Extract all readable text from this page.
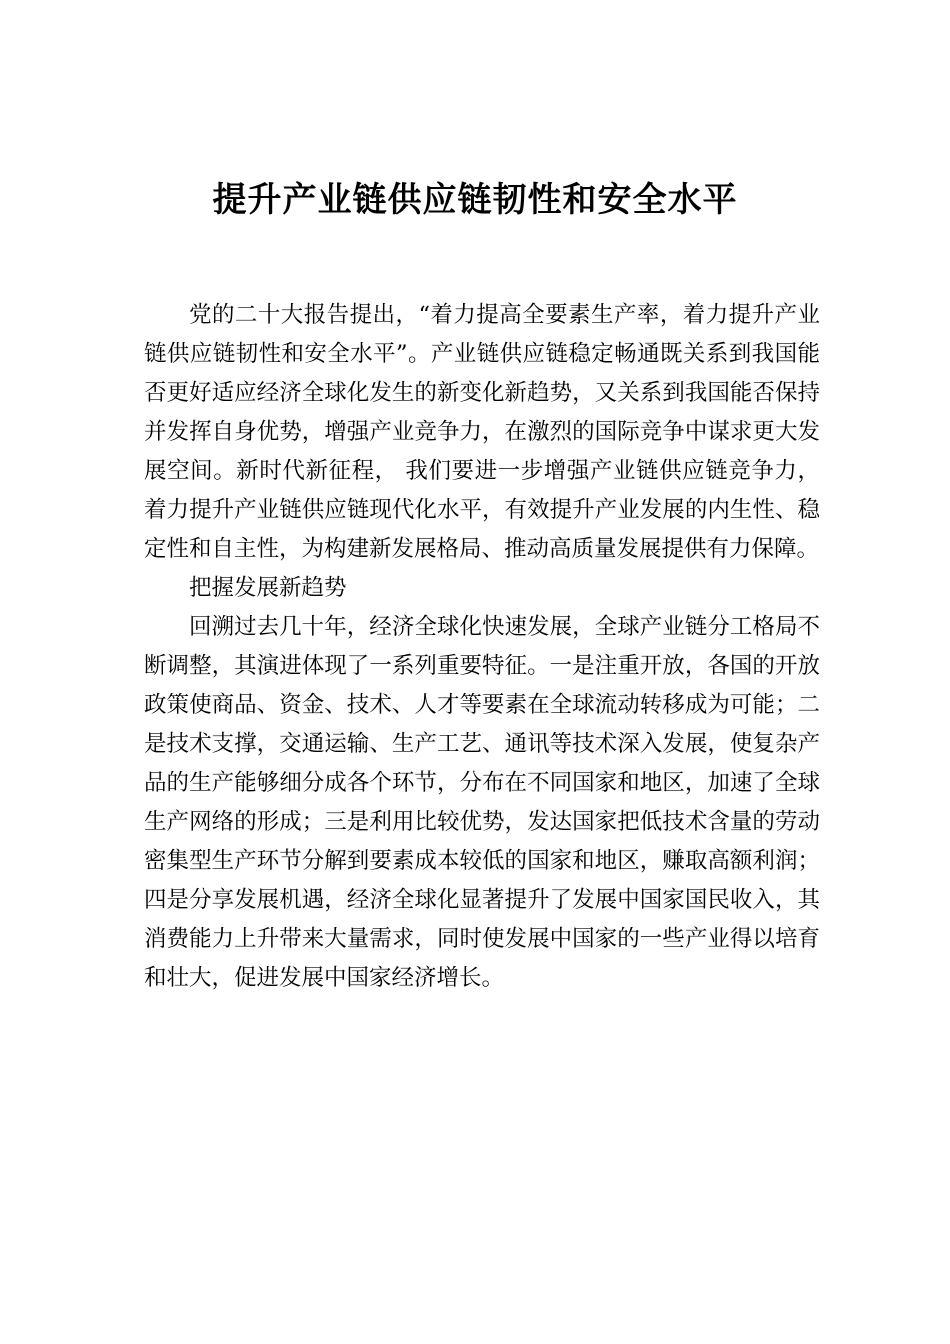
提升产业链供应链韧性和安全水平

党的二十大报告提出，“着力提高全要素生产率，着力提升产业链供应链韧性和安全水平”。产业链供应链稳定畅通既关系到我国能否更好适应经济全球化发生的新变化新趋势，又关系到我国能否保持并发挥自身优势，增强产业竞争力，在激烈的国际竞争中谋求更大发展空间。新时代新征程， 我们要进一步增强产业链供应链竞争力，着力提升产业链供应链现代化水平，有效提升产业发展的内生性、稳定性和自主性，为构建新发展格局、推动高质量发展提供有力保障。

把握发展新趋势

回溯过去几十年，经济全球化快速发展，全球产业链分工格局不断调整，其演进体现了一系列重要特征。一是注重开放，各国的开放政策使商品、资金、技术、人才等要素在全球流动转移成为可能；二是技术支撑，交通运输、生产工艺、通讯等技术深入发展，使复杂产品的生产能够细分成各个环节，分布在不同国家和地区，加速了全球生产网络的形成；三是利用比较优势，发达国家把低技术含量的劳动密集型生产环节分解到要素成本较低的国家和地区，赚取高额利润；四是分享发展机遇，经济全球化显著提升了发展中国家国民收入，其消费能力上升带来大量需求，同时使发展中国家的一些产业得以培育和壮大，促进发展中国家经济增长。
